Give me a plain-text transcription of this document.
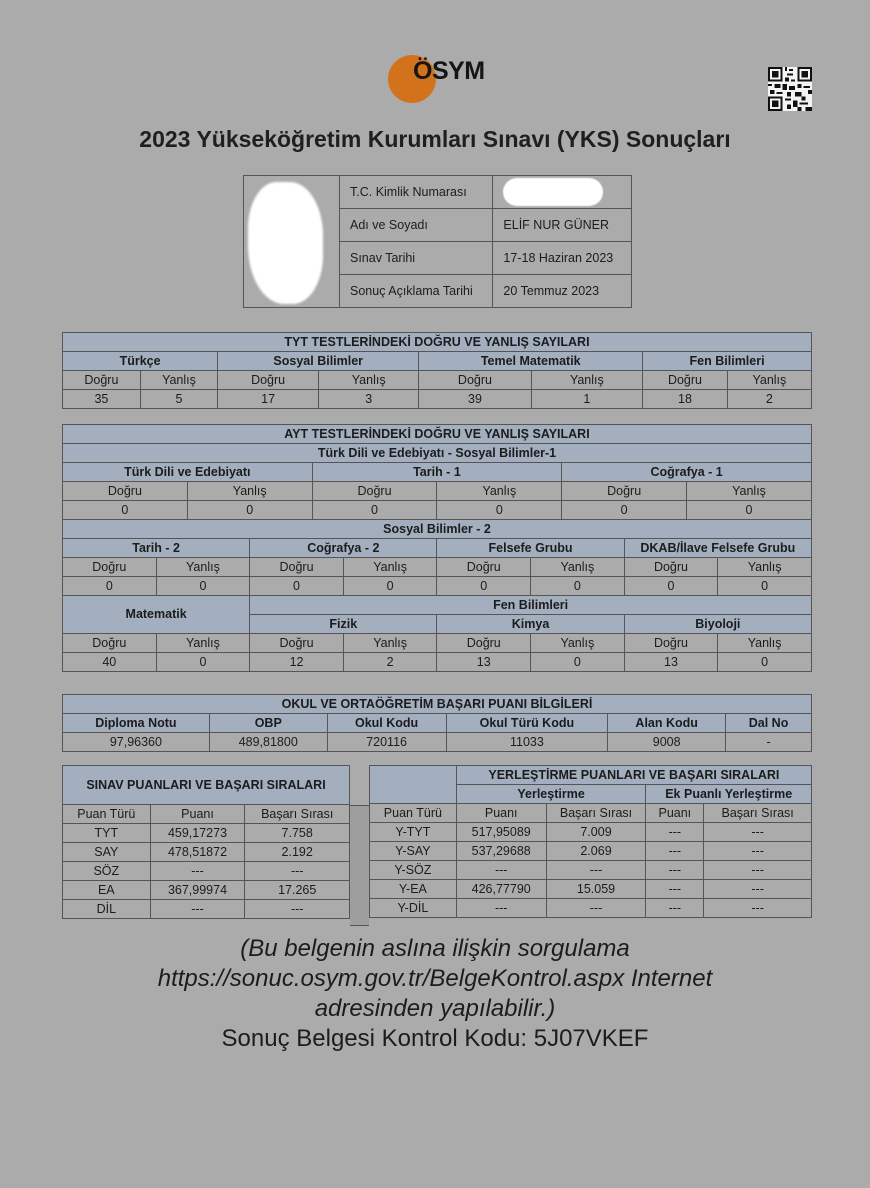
ÖSYM
2023 Yükseköğretim Kurumları Sınavı (YKS) Sonuçları
	T.C. Kimlik Numarası	
	Adı ve Soyadı	ELİF NUR GÜNER
	Sınav Tarihi	17-18 Haziran 2023
	Sonuç Açıklama Tarihi	20 Temmuz 2023
TYT TESTLERİNDEKİ DOĞRU VE YANLIŞ SAYILARI							
Türkçe		Sosyal Bilimler		Temel Matematik		Fen Bilimleri	
Doğru	Yanlış	Doğru	Yanlış	Doğru	Yanlış	Doğru	Yanlış
35	5	17	3	39	1	18	2
AYT TESTLERİNDEKİ DOĞRU VE YANLIŞ SAYILARI											
Türk Dili ve Edebiyatı - Sosyal Bilimler-1											
Türk Dili ve Edebiyatı				Tarih - 1				Coğrafya - 1			
Doğru		Yanlış		Doğru		Yanlış		Doğru		Yanlış	
0		0		0		0		0		0	
Sosyal Bilimler - 2											
Tarih - 2			Coğrafya - 2			Felsefe Grubu			DKAB/İlave Felsefe Grubu		
Doğru	Yanlış		Doğru		Yanlış	Doğru	Yanlış		Doğru		Yanlış
0	0		0		0	0	0		0		0
Matematik			Fen Bilimleri								
			Fizik			Kimya			Biyoloji		
Doğru	Yanlış		Doğru		Yanlış	Doğru	Yanlış		Doğru		Yanlış
40	0		12		2	13	0		13		0
OKUL VE ORTAÖĞRETİM BAŞARI PUANI BİLGİLERİ					
Diploma Notu	OBP	Okul Kodu	Okul Türü Kodu	Alan Kodu	Dal No
97,96360	489,81800	720116	11033	9008	-
SINAV PUANLARI VE BAŞARI SIRALARI		
Puan Türü	Puanı	Başarı Sırası
TYT	459,17273	7.758
SAY	478,51872	2.192
SÖZ	---	---
EA	367,99974	17.265
DİL	---	---
	YERLEŞTİRME PUANLARI VE BAŞARI SIRALARI			
	Yerleştirme		Ek Puanlı Yerleştirme	
Puan Türü	Puanı	Başarı Sırası	Puanı	Başarı Sırası
Y-TYT	517,95089	7.009	---	---
Y-SAY	537,29688	2.069	---	---
Y-SÖZ	---	---	---	---
Y-EA	426,77790	15.059	---	---
Y-DİL	---	---	---	---
(Bu belgenin aslına ilişkin sorgulama
https://sonuc.osym.gov.tr/BelgeKontrol.aspx Internet
adresinden yapılabilir.)
Sonuç Belgesi Kontrol Kodu: 5J07VKEF
